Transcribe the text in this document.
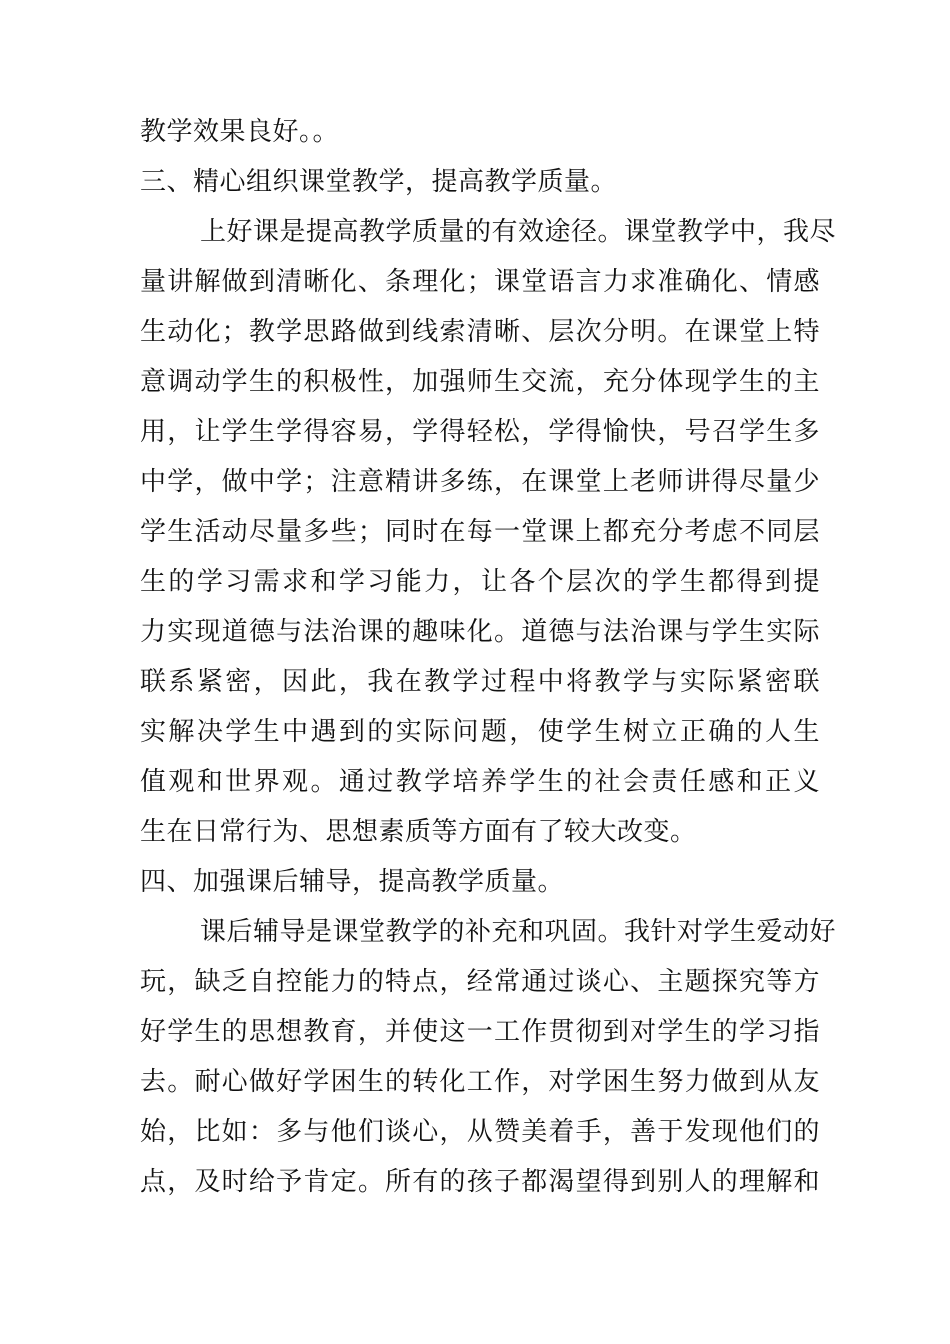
教学效果良好。。

三、精心组织课堂教学，提高教学质量。

上好课是提高教学质量的有效途径。课堂教学中，我尽

量讲解做到清晰化、条理化；课堂语言力求准确化、情感

生动化；教学思路做到线索清晰、层次分明。在课堂上特

意调动学生的积极性，加强师生交流，充分体现学生的主

用，让学生学得容易，学得轻松，学得愉快，号召学生多

中学，做中学；注意精讲多练，在课堂上老师讲得尽量少

学生活动尽量多些；同时在每一堂课上都充分考虑不同层

生的学习需求和学习能力，让各个层次的学生都得到提

力实现道德与法治课的趣味化。道德与法治课与学生实际

联系紧密，因此，我在教学过程中将教学与实际紧密联

实解决学生中遇到的实际问题，使学生树立正确的人生

值观和世界观。通过教学培养学生的社会责任感和正义

生在日常行为、思想素质等方面有了较大改变。

四、加强课后辅导，提高教学质量。

课后辅导是课堂教学的补充和巩固。我针对学生爱动好

玩，缺乏自控能力的特点，经常通过谈心、主题探究等方

好学生的思想教育，并使这一工作贯彻到对学生的学习指

去。耐心做好学困生的转化工作，对学困生努力做到从友

始，比如：多与他们谈心，从赞美着手，善于发现他们的

点，及时给予肯定。所有的孩子都渴望得到别人的理解和
